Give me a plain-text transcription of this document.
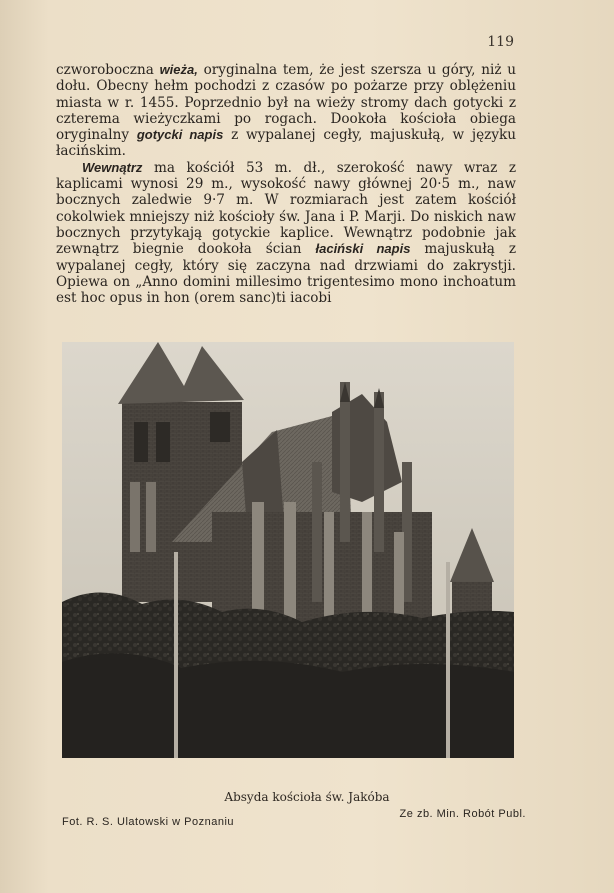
119

czworoboczna wieża, oryginalna tem, że jest szersza u góry, niż u dołu. Obecny hełm pochodzi z czasów po pożarze przy oblężeniu miasta w r. 1455. Poprzednio był na wieży stromy dach gotycki z czterema wieżyczkami po rogach. Dookoła kościoła obiega oryginalny gotycki napis z wypalanej cegły, majuskułą, w języku łacińskim.

Wewnątrz ma kościół 53 m. dł., szerokość nawy wraz z kaplicami wynosi 29 m., wysokość nawy głównej 20·5 m., naw bocznych zaledwie 9·7 m. W rozmiarach jest zatem kościół cokolwiek mniejszy niż kościoły św. Jana i P. Marji. Do niskich naw bocznych przytykają gotyckie kaplice. Wewnątrz podobnie jak zewnątrz biegnie dookoła ścian łaciński napis majuskułą z wypalanej cegły, który się zaczyna nad drzwiami do zakrystji. Opiewa on „Anno domini millesimo trigentesimo mono inchoatum est hoc opus in hon (orem sanc)ti iacobi

Absyda kościoła św. Jakóba
Fot. R. S. Ulatowski w Poznaniu
Ze zb. Min. Robót Publ.
